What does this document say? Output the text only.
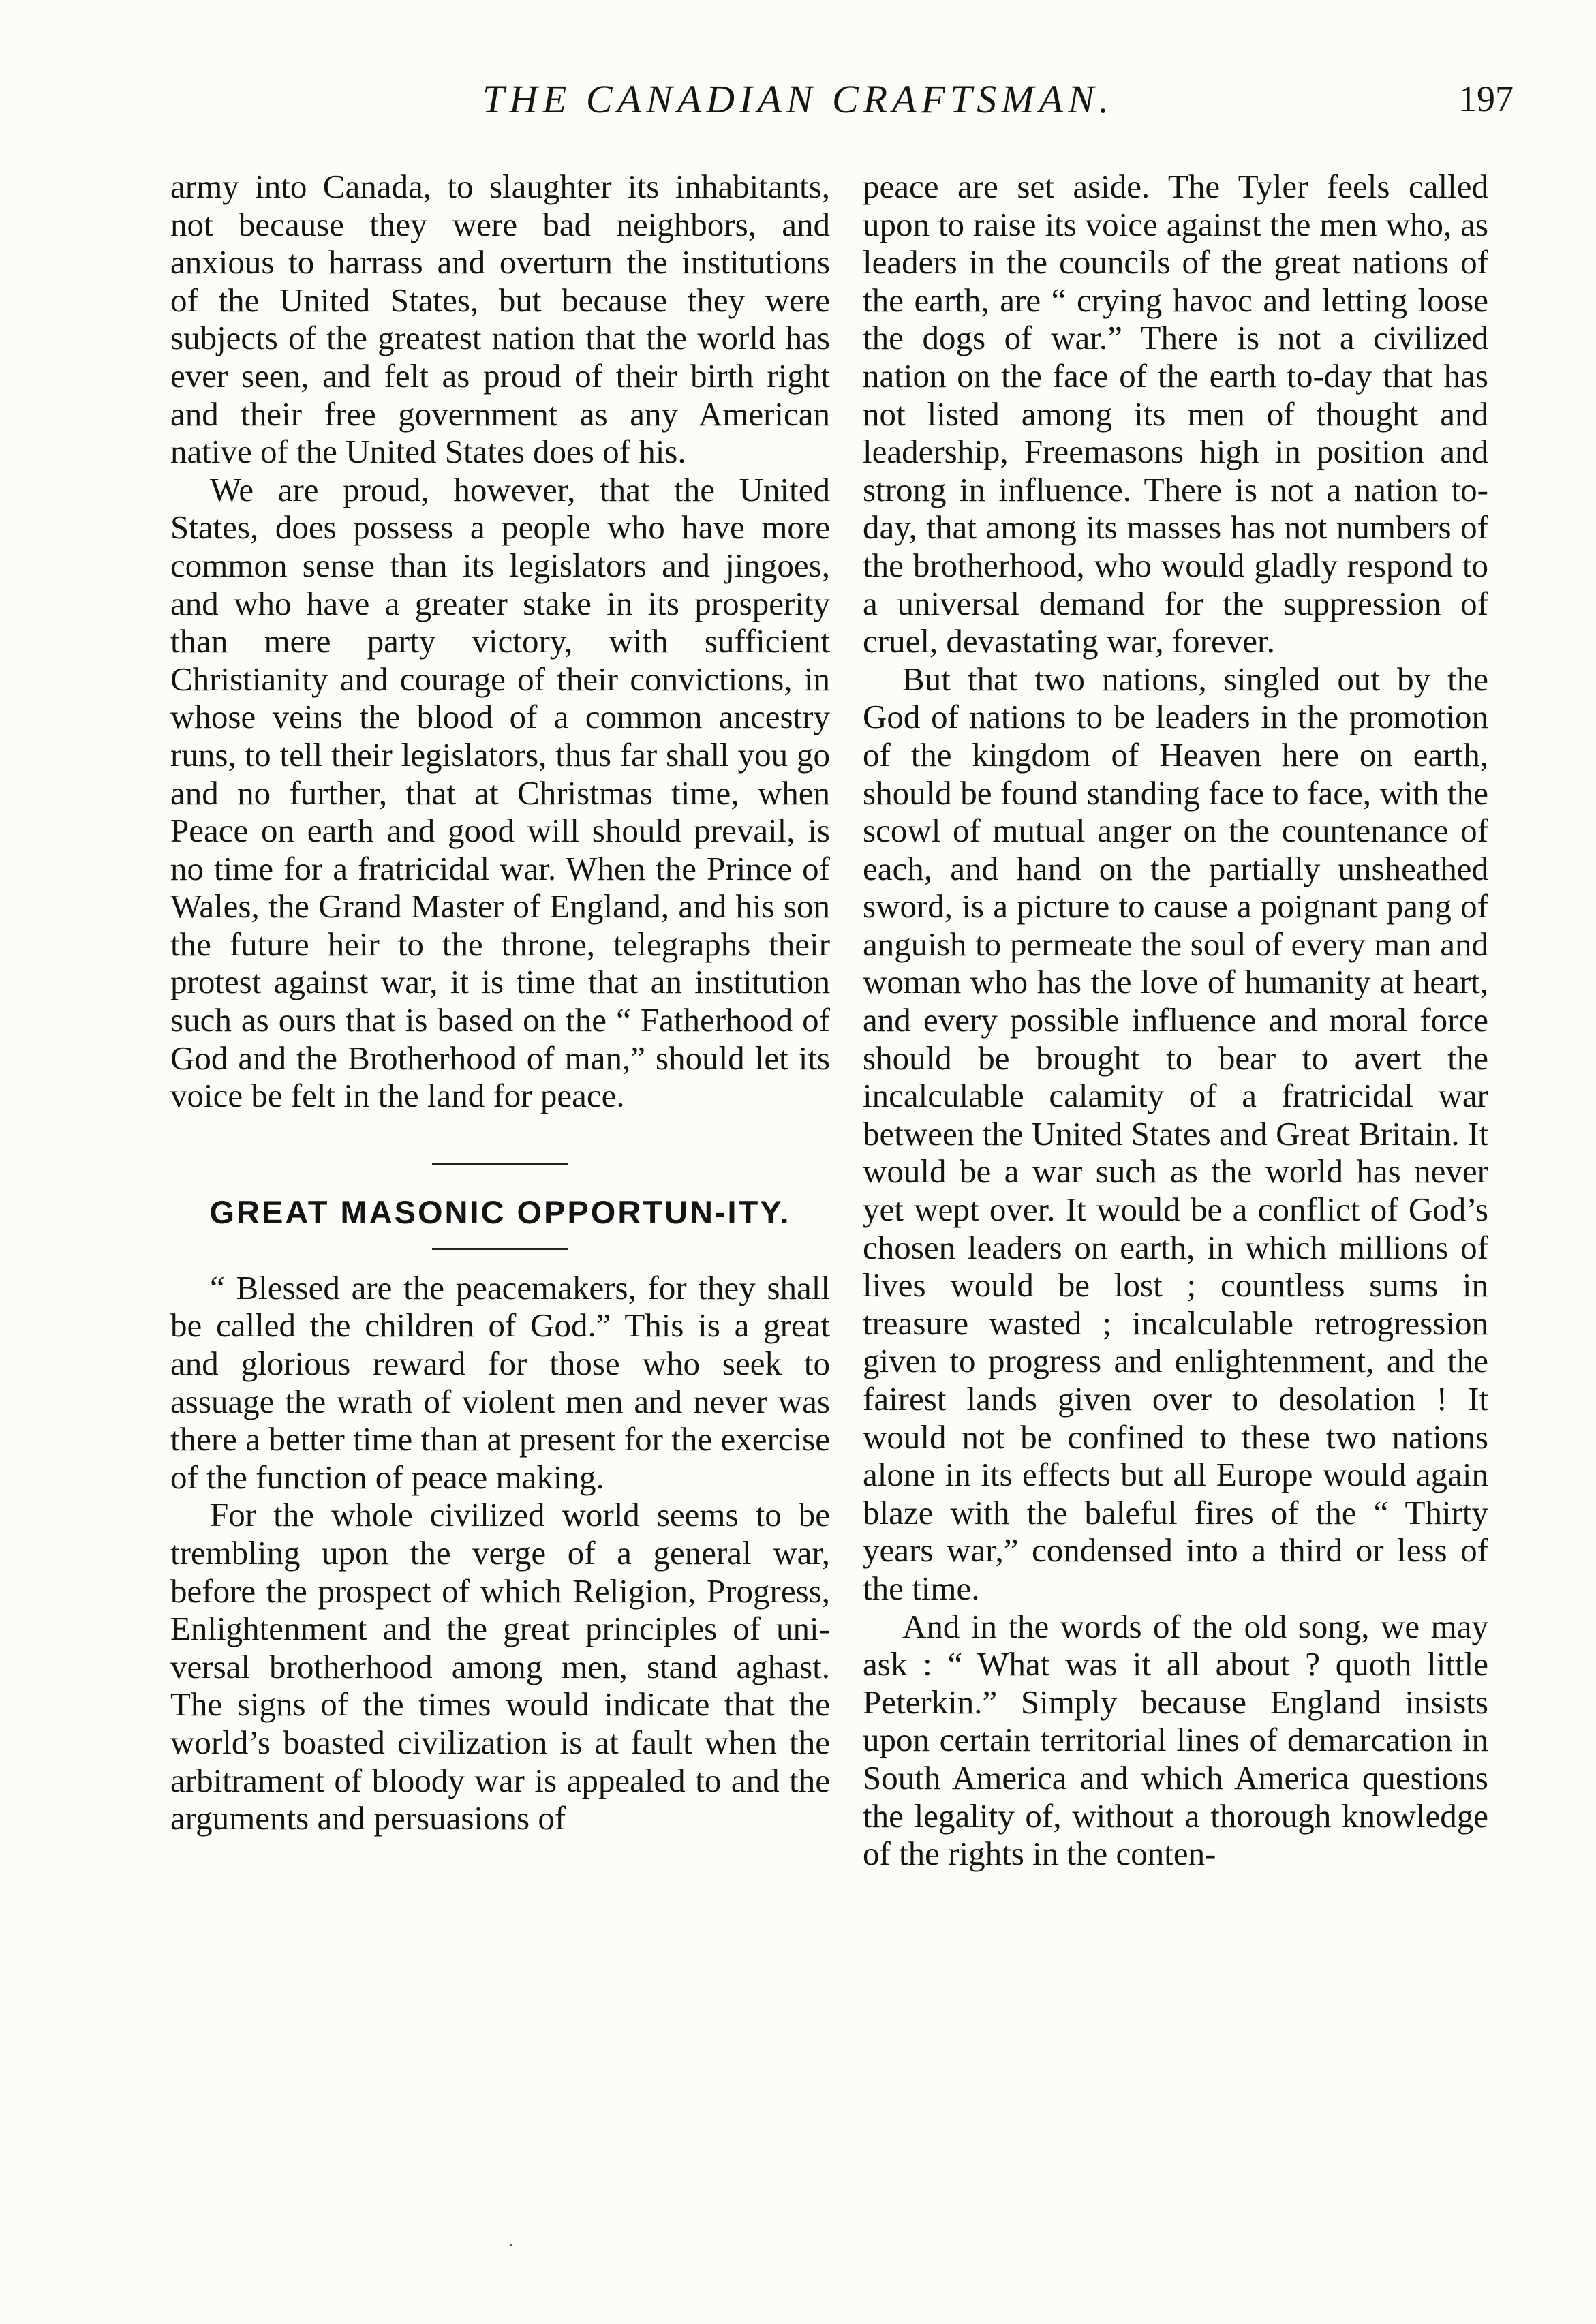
THE CANADIAN CRAFTSMAN.	197

army into Canada, to slaughter its inhabitants, not because they were bad neighbors, and anxious to harrass and overturn the institutions of the United States, but because they were subjects of the greatest nation that the world has ever seen, and felt as proud of their birth right and their free government as any American native of the United States does of his.

We are proud, however, that the United States, does possess a people who have more common sense than its legislators and jingoes, and who have a greater stake in its prosperity than mere party victory, with sufficient Christianity and courage of their convictions, in whose veins the blood of a common ancestry runs, to tell their legislators, thus far shall you go and no further, that at Christmas time, when Peace on earth and good will should prevail, is no time for a fratricidal war. When the Prince of Wales, the Grand Master of England, and his son the future heir to the throne, telegraphs their protest against war, it is time that an institution such as ours that is based on the “ Fatherhood of God and the Brotherhood of man,” should let its voice be felt in the land for peace.

GREAT MASONIC OPPORTUN-ITY.

“ Blessed are the peacemakers, for they shall be called the children of God.” This is a great and glorious reward for those who seek to assuage the wrath of violent men and never was there a better time than at present for the exercise of the function of peace making.

For the whole civilized world seems to be trembling upon the verge of a general war, before the prospect of which Religion, Progress, Enlightenment and the great principles of universal brotherhood among men, stand aghast. The signs of the times would indicate that the world’s boasted civilization is at fault when the arbitrament of bloody war is appealed to and the arguments and persuasions of

peace are set aside. The Tyler feels called upon to raise its voice against the men who, as leaders in the councils of the great nations of the earth, are “ crying havoc and letting loose the dogs of war.” There is not a civilized nation on the face of the earth to-day that has not listed among its men of thought and leadership, Freemasons high in position and strong in influence. There is not a nation today, that among its masses has not numbers of the brotherhood, who would gladly respond to a universal demand for the suppression of cruel, devastating war, forever.

But that two nations, singled out by the God of nations to be leaders in the promotion of the kingdom of Heaven here on earth, should be found standing face to face, with the scowl of mutual anger on the countenance of each, and hand on the partially unsheathed sword, is a picture to cause a poignant pang of anguish to permeate the soul of every man and woman who has the love of humanity at heart, and every possible influence and moral force should be brought to bear to avert the incalculable calamity of a fratricidal war between the United States and Great Britain. It would be a war such as the world has never yet wept over. It would be a conflict of God’s chosen leaders on earth, in which millions of lives would be lost ; countless sums in treasure wasted ; incalculable retrogression given to progress and enlightenment, and the fairest lands given over to desolation ! It would not be confined to these two nations alone in its effects but all Europe would again blaze with the baleful fires of the “ Thirty years war,” condensed into a third or less of the time.

And in the words of the old song, we may ask : “ What was it all about ? quoth little Peterkin.” Simply because England insists upon certain territorial lines of demarcation in South America and which America questions the legality of, without a thorough knowledge of the rights in the conten-
